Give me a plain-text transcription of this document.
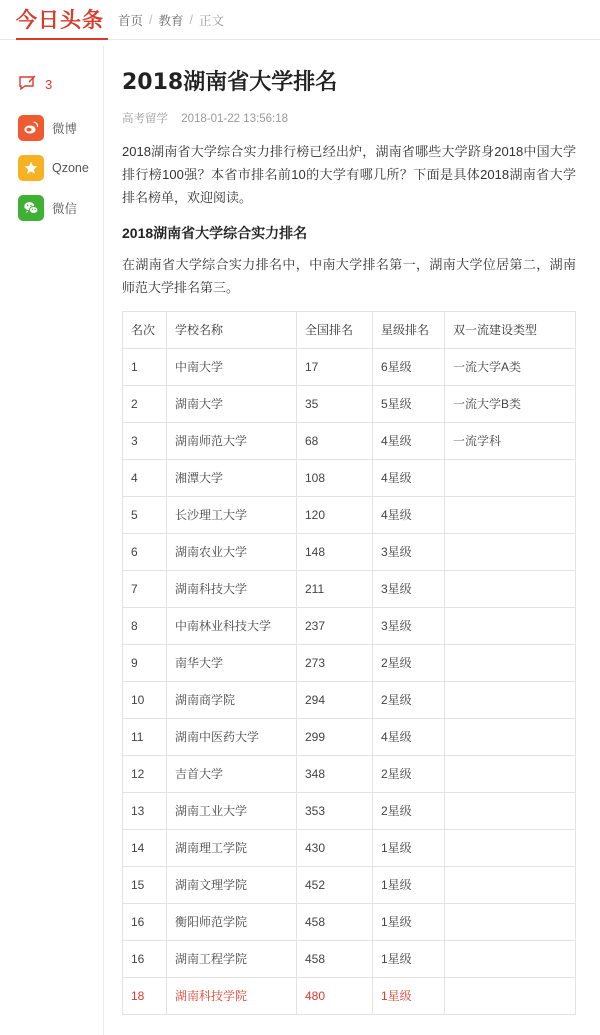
今日头条 首页 / 教育 / 正文
3
微博
Qzone
微信
2018湖南省大学排名
高考留学 2018-01-22 13:56:18

2018湖南省大学综合实力排行榜已经出炉，湖南省哪些大学跻身2018中国大学排行榜100强？本省市排名前10的大学有哪几所？下面是具体2018湖南省大学排名榜单，欢迎阅读。

2018湖南省大学综合实力排名

在湖南省大学综合实力排名中，中南大学排名第一，湖南大学位居第二，湖南师范大学排名第三。

名次	学校名称	全国排名	星级排名	双一流建设类型
1	中南大学	17	6星级	一流大学A类
2	湖南大学	35	5星级	一流大学B类
3	湖南师范大学	68	4星级	一流学科
4	湘潭大学	108	4星级	
5	长沙理工大学	120	4星级	
6	湖南农业大学	148	3星级	
7	湖南科技大学	211	3星级	
8	中南林业科技大学	237	3星级	
9	南华大学	273	2星级	
10	湖南商学院	294	2星级	
11	湖南中医药大学	299	4星级	
12	吉首大学	348	2星级	
13	湖南工业大学	353	2星级	
14	湖南理工学院	430	1星级	
15	湖南文理学院	452	1星级	
16	衡阳师范学院	458	1星级	
16	湖南工程学院	458	1星级	
18	湖南科技学院	480	1星级	
